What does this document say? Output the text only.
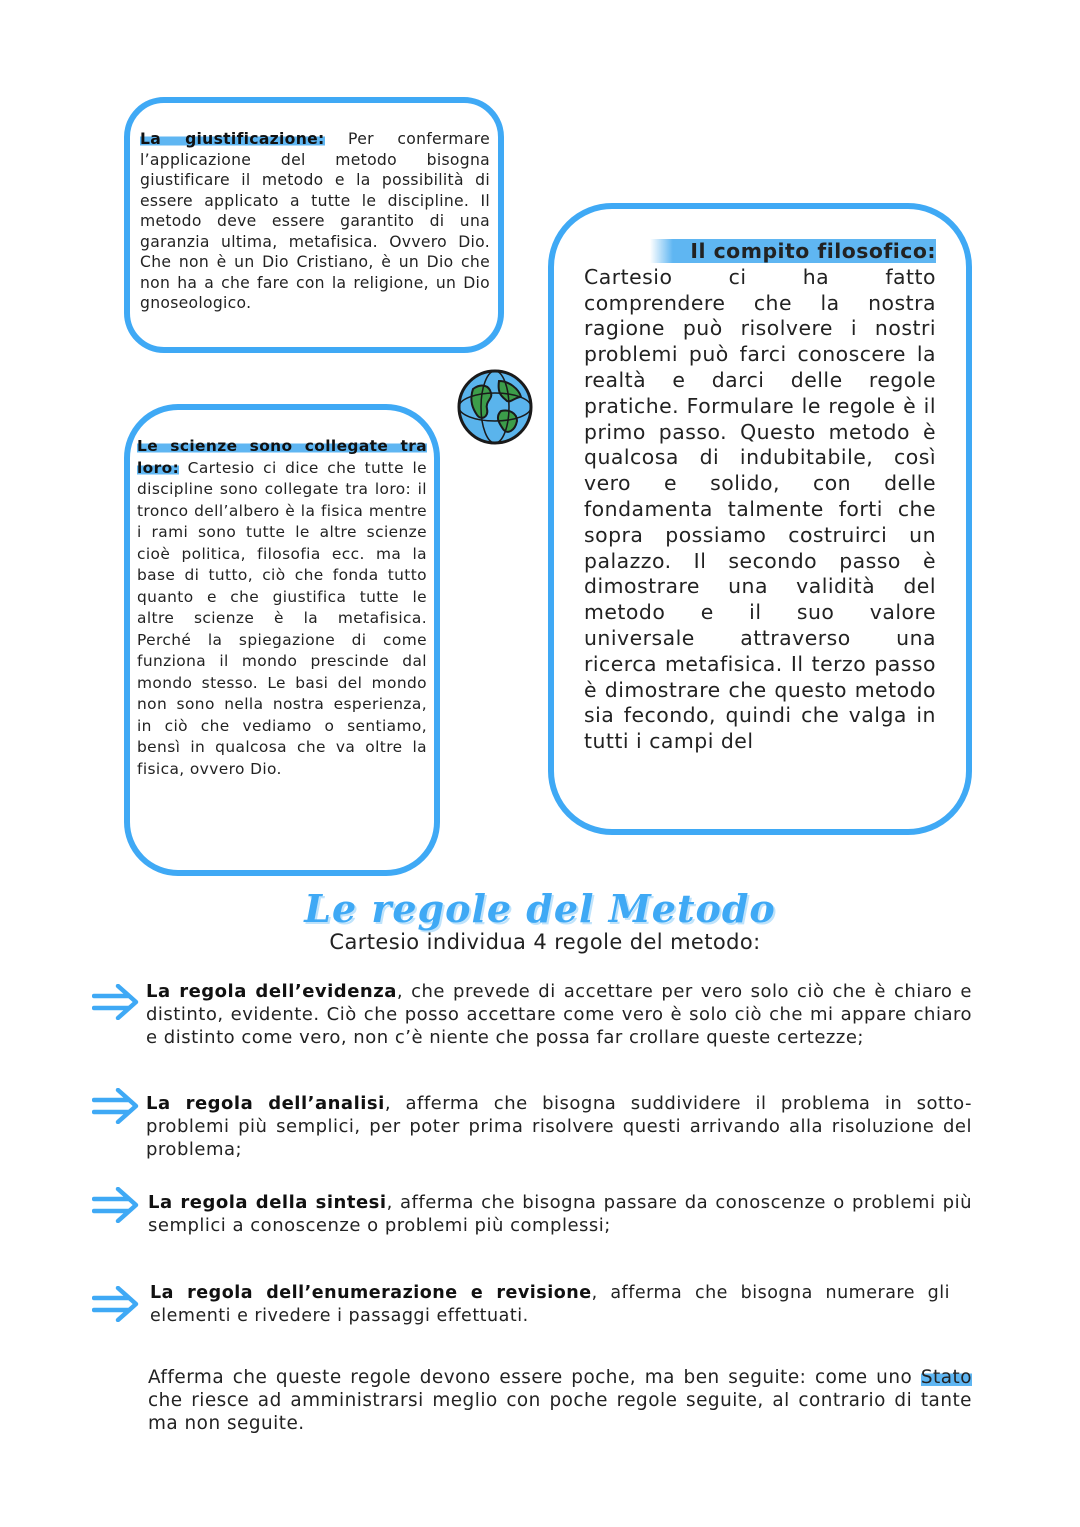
La giustificazione: Per confermare l’applicazione del metodo bisogna giustificare il metodo e la possibilità di essere applicato a tutte le discipline. Il metodo deve essere garantito di una garanzia ultima, metafisica. Ovvero Dio. Che non è un Dio Cristiano, è un Dio che non ha a che fare con la religione, un Dio gnoseologico.

Le scienze sono collegate tra loro: Cartesio ci dice che tutte le discipline sono collegate tra loro: il tronco dell’albero è la fisica mentre i rami sono tutte le altre scienze cioè politica, filosofia ecc. ma la base di tutto, ciò che fonda tutto quanto e che giustifica tutte le altre scienze è la metafisica. Perché la spiegazione di come funziona il mondo prescinde dal mondo stesso. Le basi del mondo non sono nella nostra esperienza, in ciò che vediamo o sentiamo, bensì in qualcosa che va oltre la fisica, ovvero Dio.

Il compito filosofico:

Cartesio ci ha fatto comprendere che la nostra ragione può risolvere i nostri problemi può farci conoscere la realtà e darci delle regole pratiche. Formulare le regole è il primo passo. Questo metodo è qualcosa di indubitabile, così vero e solido, con delle fondamenta talmente forti che sopra possiamo costruirci un palazzo. Il secondo passo è dimostrare una validità del metodo e il suo valore universale attraverso una ricerca metafisica. Il terzo passo è dimostrare che questo metodo sia fecondo, quindi che valga in tutti i campi del

Le regole del Metodo
Cartesio individua 4 regole del metodo:

La regola dell’evidenza, che prevede di accettare per vero solo ciò che è chiaro e distinto, evidente. Ciò che posso accettare come vero è solo ciò che mi appare chiaro e distinto come vero, non c’è niente che possa far crollare queste certezze;

La regola dell’analisi, afferma che bisogna suddividere il problema in sotto-problemi più semplici, per poter prima risolvere questi arrivando alla risoluzione del problema;

La regola della sintesi, afferma che bisogna passare da conoscenze o problemi più semplici a conoscenze o problemi più complessi;

La regola dell’enumerazione e revisione, afferma che bisogna numerare gli elementi e rivedere i passaggi effettuati.

Afferma che queste regole devono essere poche, ma ben seguite: come uno Stato che riesce ad amministrarsi meglio con poche regole seguite, al contrario di tante ma non seguite.
